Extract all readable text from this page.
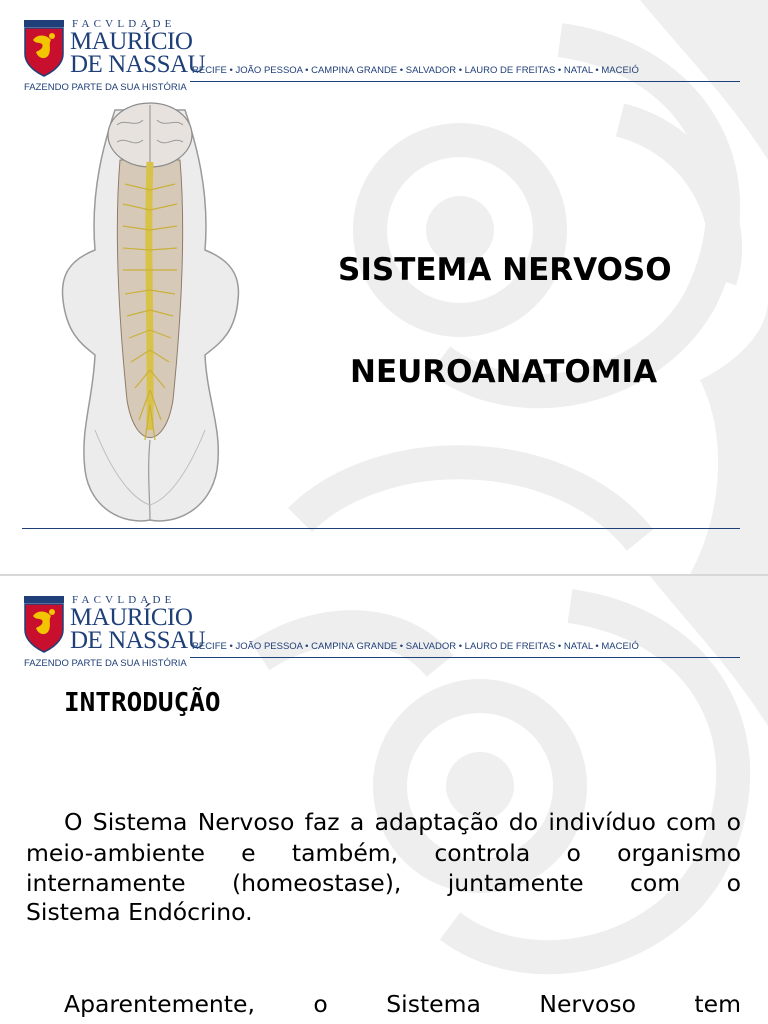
FACVLDADE
MAURÍCIO
DE NASSAU
FAZENDO PARTE DA SUA HISTÓRIA
RECIFE • JOÃO PESSOA • CAMPINA GRANDE • SALVADOR • LAURO DE FREITAS • NATAL • MACEIÓ
SISTEMA NERVOSO
NEUROANATOMIA
FACVLDADE
MAURÍCIO
DE NASSAU
FAZENDO PARTE DA SUA HISTÓRIA
RECIFE • JOÃO PESSOA • CAMPINA GRANDE • SALVADOR • LAURO DE FREITAS • NATAL • MACEIÓ
INTRODUÇÃO
O Sistema Nervoso faz a adaptação do indivíduo com o meio-ambiente e também, controla o organismo internamente (homeostase), juntamente com o
Sistema Endócrino.
Aparentemente, o Sistema Nervoso tem
